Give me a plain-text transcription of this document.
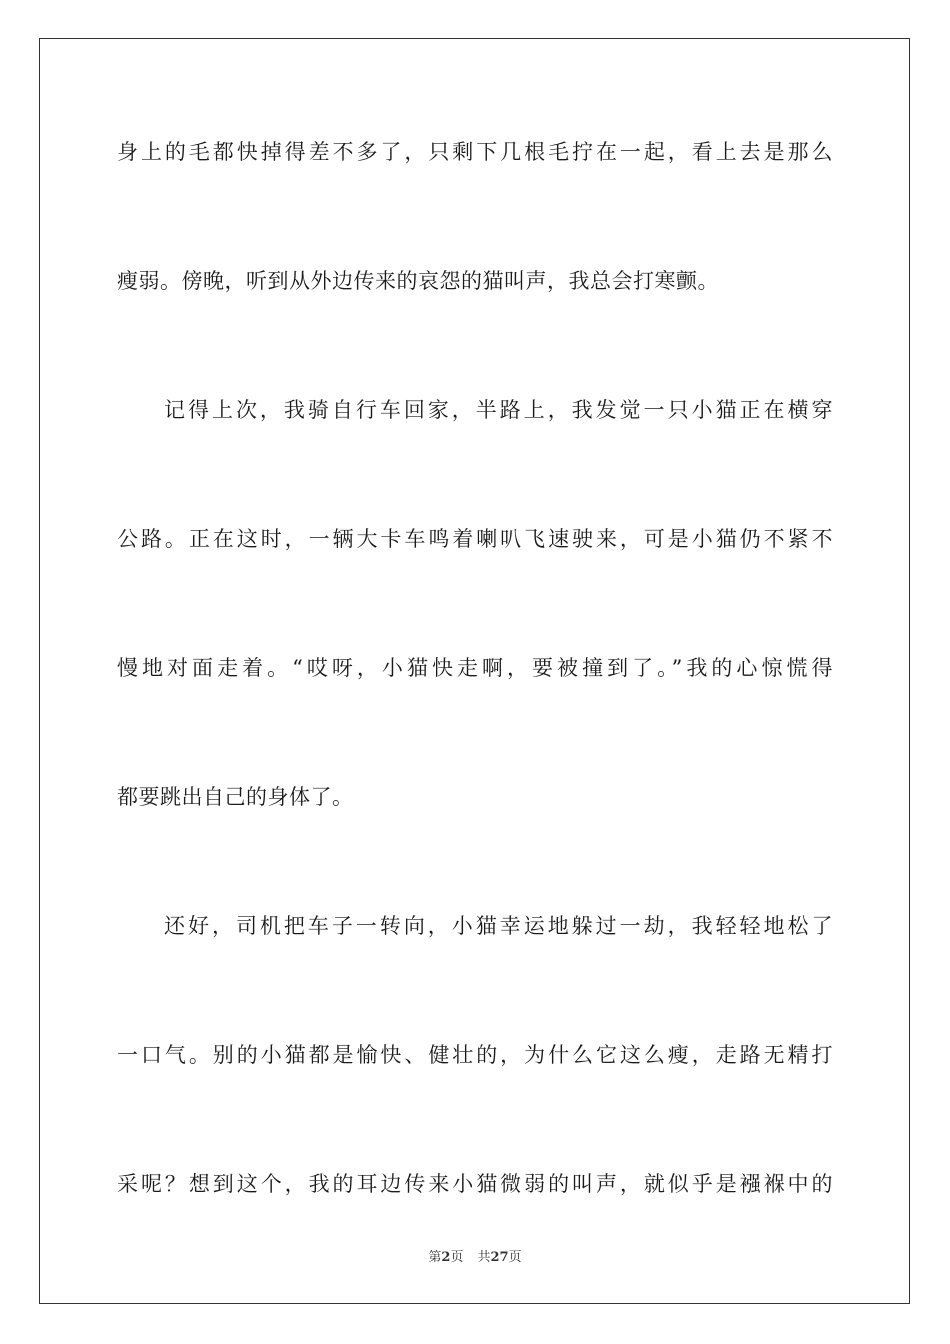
身上的毛都快掉得差不多了，只剩下几根毛拧在一起，看上去是那么
瘦弱。傍晚，听到从外边传来的哀怨的猫叫声，我总会打寒颤。
记得上次，我骑自行车回家，半路上，我发觉一只小猫正在横穿
公路。正在这时，一辆大卡车鸣着喇叭飞速驶来，可是小猫仍不紧不
慢地对面走着。“哎呀，小猫快走啊，要被撞到了。”我的心惊慌得
都要跳出自己的身体了。
还好，司机把车子一转向，小猫幸运地躲过一劫，我轻轻地松了
一口气。别的小猫都是愉快、健壮的，为什么它这么瘦，走路无精打
采呢？想到这个，我的耳边传来小猫微弱的叫声，就似乎是襁褓中的
第2页 共27页
